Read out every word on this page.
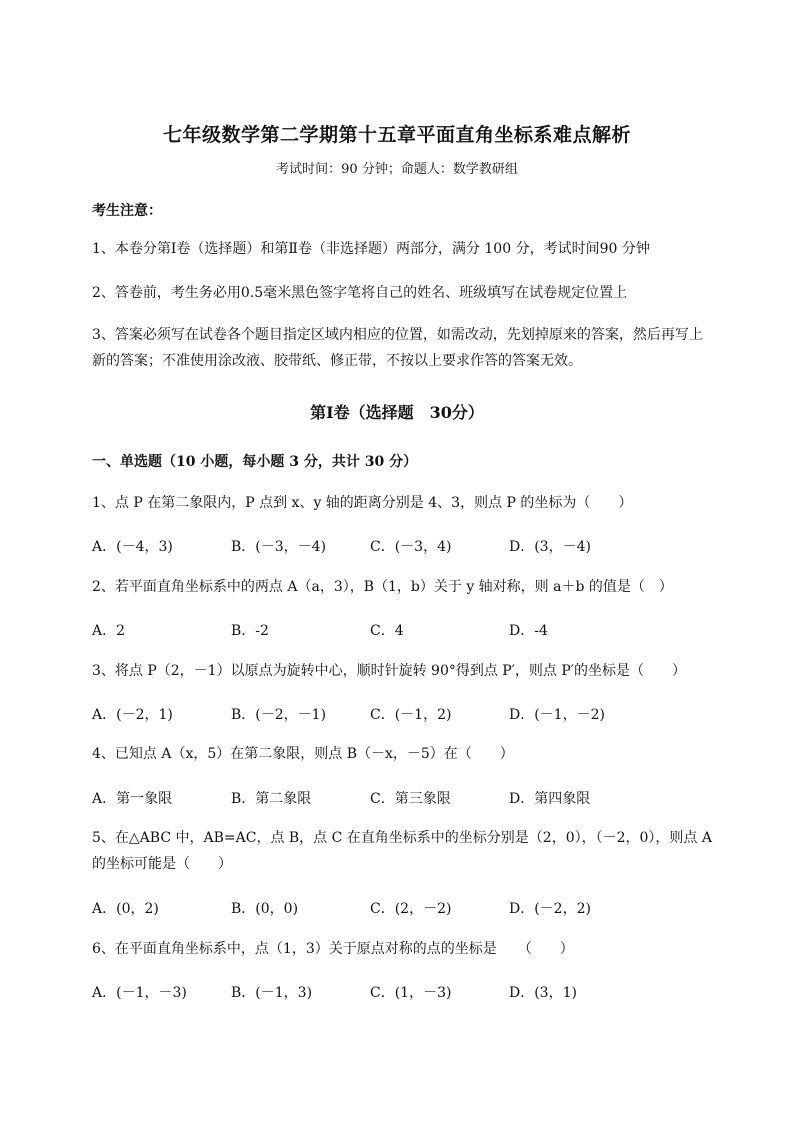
七年级数学第二学期第十五章平面直角坐标系难点解析
考试时间：90 分钟；命题人：数学教研组
考生注意：
1、本卷分第Ⅰ卷（选择题）和第Ⅱ卷（非选择题）两部分，满分 100 分，考试时间90 分钟
2、答卷前，考生务必用0.5毫米黑色签字笔将自己的姓名、班级填写在试卷规定位置上
3、答案必须写在试卷各个题目指定区域内相应的位置，如需改动，先划掉原来的答案，然后再写上新的答案；不准使用涂改液、胶带纸、修正带，不按以上要求作答的答案无效。
第Ⅰ卷（选择题　30分）
一、单选题（10 小题，每小题 3 分，共计 30 分）
1、点 P 在第二象限内，P 点到 x、y 轴的距离分别是 4、3，则点 P 的坐标为（　　）
A．(－4，3)	B．(－3，－4)	C．(－3，4)	D．(3，－4)
2、若平面直角坐标系中的两点 A（a，3），B（1，b）关于 y 轴对称，则 a＋b 的值是（　）
A．2	B．-2	C．4	D．-4
3、将点 P（2，－1）以原点为旋转中心，顺时针旋转 90°得到点 P′，则点 P′的坐标是（　　）
A．(－2，1)	B．(－2，－1)	C．(－1，2)	D．(－1，－2)
4、已知点 A（x，5）在第二象限，则点 B（－x，－5）在（　　）
A．第一象限	B．第二象限	C．第三象限	D．第四象限
5、在△ABC 中，AB=AC，点 B，点 C 在直角坐标系中的坐标分别是（2，0），（－2，0），则点 A 的坐标可能是（　　）
A．(0，2)	B．(0，0)	C．(2，－2)	D．(－2，2)
6、在平面直角坐标系中，点（1，3）关于原点对称的点的坐标是　　（　　）
A．(－1，－3)	B．(－1，3)	C．(1，－3)	D．(3，1)
